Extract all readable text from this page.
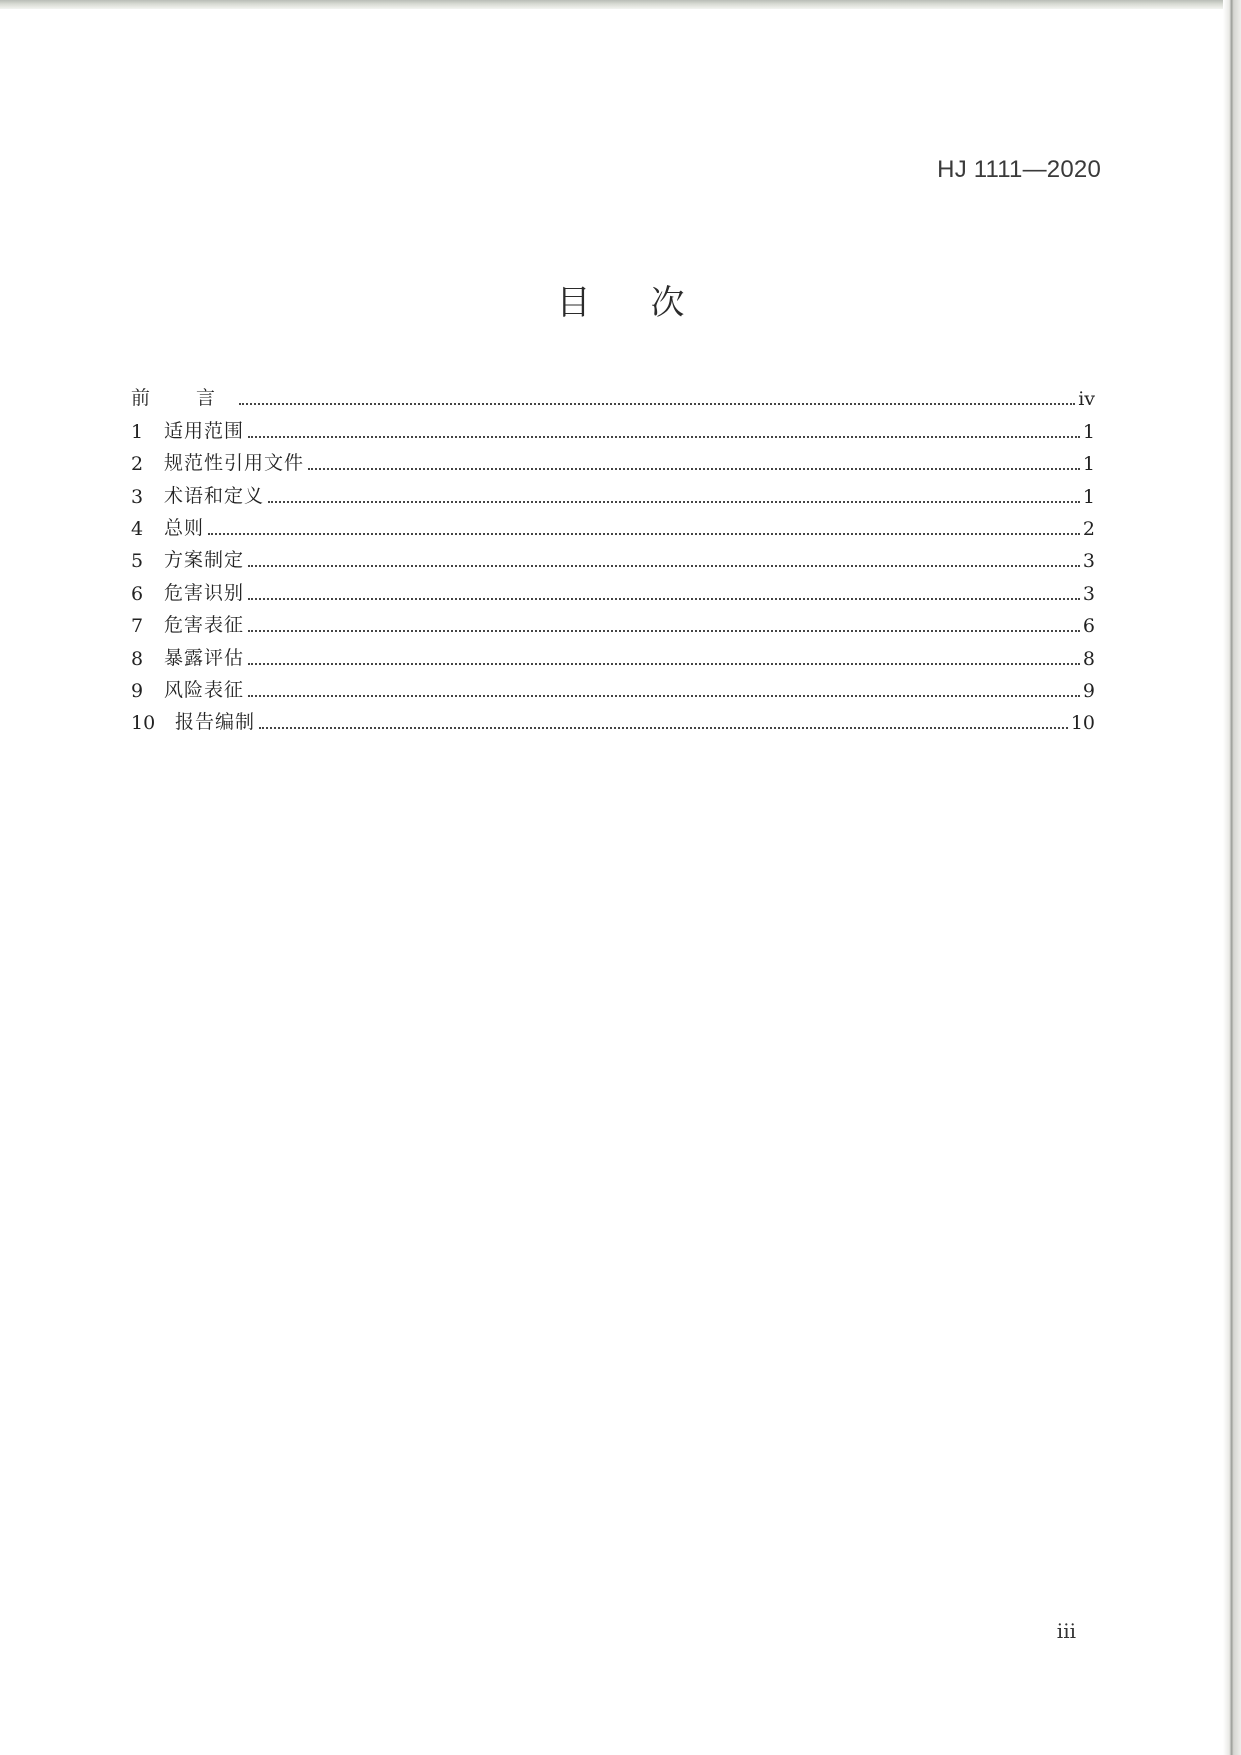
HJ 1111—2020
目次
前 言	iv
1	适用范围	1
2	规范性引用文件	1
3	术语和定义	1
4	总则	2
5	方案制定	3
6	危害识别	3
7	危害表征	6
8	暴露评估	8
9	风险表征	9
10	报告编制	10
iii
